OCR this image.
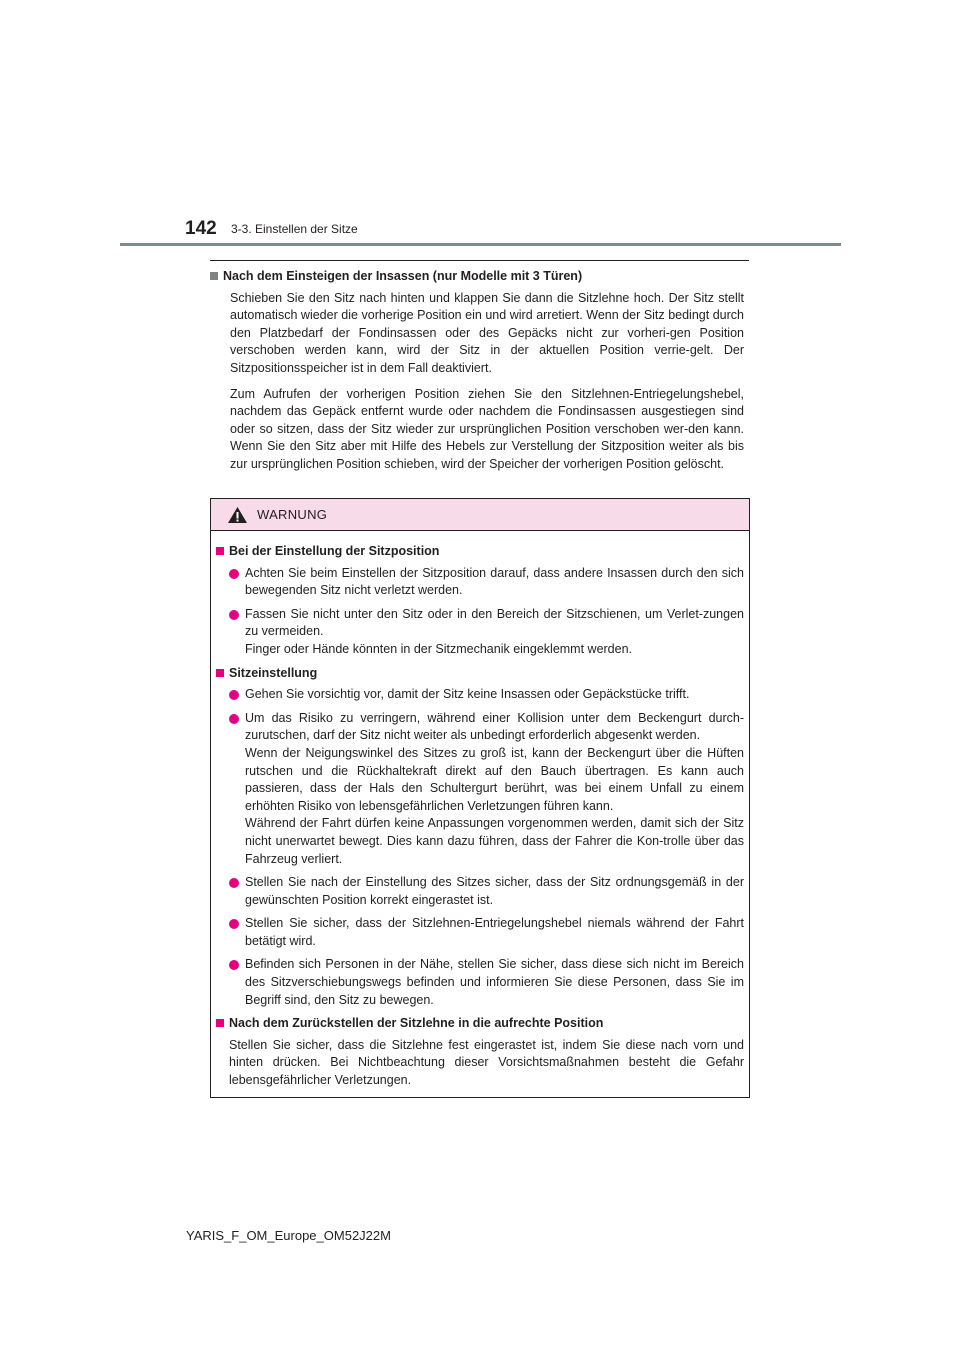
142 3-3. Einstellen der Sitze
Nach dem Einsteigen der Insassen (nur Modelle mit 3 Türen)

Schieben Sie den Sitz nach hinten und klappen Sie dann die Sitzlehne hoch. Der Sitz stellt automatisch wieder die vorherige Position ein und wird arretiert. Wenn der Sitz bedingt durch den Platzbedarf der Fondinsassen oder des Gepäcks nicht zur vorheri-gen Position verschoben werden kann, wird der Sitz in der aktuellen Position verrie-gelt. Der Sitzpositionsspeicher ist in dem Fall deaktiviert.

Zum Aufrufen der vorherigen Position ziehen Sie den Sitzlehnen-Entriegelungshebel, nachdem das Gepäck entfernt wurde oder nachdem die Fondinsassen ausgestiegen sind oder so sitzen, dass der Sitz wieder zur ursprünglichen Position verschoben wer-den kann. Wenn Sie den Sitz aber mit Hilfe des Hebels zur Verstellung der Sitzposition weiter als bis zur ursprünglichen Position schieben, wird der Speicher der vorherigen Position gelöscht.

WARNUNG
Bei der Einstellung der Sitzposition
Achten Sie beim Einstellen der Sitzposition darauf, dass andere Insassen durch den sich bewegenden Sitz nicht verletzt werden.
Fassen Sie nicht unter den Sitz oder in den Bereich der Sitzschienen, um Verlet-zungen zu vermeiden.
Finger oder Hände könnten in der Sitzmechanik eingeklemmt werden.
Sitzeinstellung
Gehen Sie vorsichtig vor, damit der Sitz keine Insassen oder Gepäckstücke trifft.
Um das Risiko zu verringern, während einer Kollision unter dem Beckengurt durch-zurutschen, darf der Sitz nicht weiter als unbedingt erforderlich abgesenkt werden.
Wenn der Neigungswinkel des Sitzes zu groß ist, kann der Beckengurt über die Hüften rutschen und die Rückhaltekraft direkt auf den Bauch übertragen. Es kann auch passieren, dass der Hals den Schultergurt berührt, was bei einem Unfall zu einem erhöhten Risiko von lebensgefährlichen Verletzungen führen kann.
Während der Fahrt dürfen keine Anpassungen vorgenommen werden, damit sich der Sitz nicht unerwartet bewegt. Dies kann dazu führen, dass der Fahrer die Kon-trolle über das Fahrzeug verliert.
Stellen Sie nach der Einstellung des Sitzes sicher, dass der Sitz ordnungsgemäß in der gewünschten Position korrekt eingerastet ist.
Stellen Sie sicher, dass der Sitzlehnen-Entriegelungshebel niemals während der Fahrt betätigt wird.
Befinden sich Personen in der Nähe, stellen Sie sicher, dass diese sich nicht im Bereich des Sitzverschiebungswegs befinden und informieren Sie diese Personen, dass Sie im Begriff sind, den Sitz zu bewegen.
Nach dem Zurückstellen der Sitzlehne in die aufrechte Position
Stellen Sie sicher, dass die Sitzlehne fest eingerastet ist, indem Sie diese nach vorn und hinten drücken. Bei Nichtbeachtung dieser Vorsichtsmaßnahmen besteht die Gefahr lebensgefährlicher Verletzungen.
YARIS_F_OM_Europe_OM52J22M
